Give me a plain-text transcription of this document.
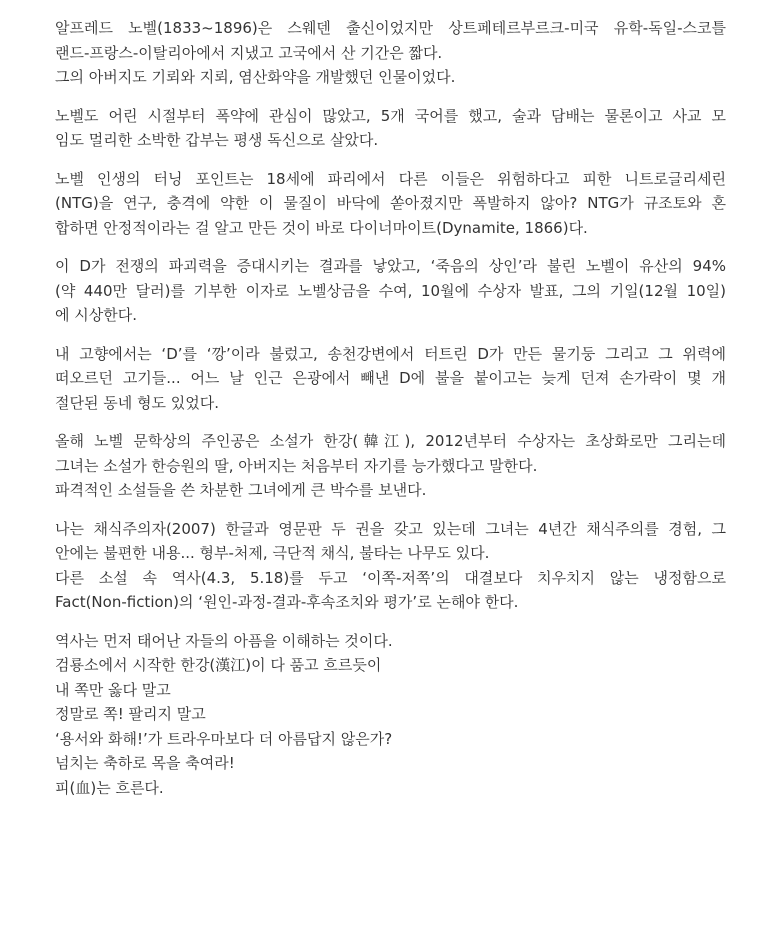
알프레드 노벨(1833~1896)은 스웨덴 출신이었지만 상트페테르부르크-미국 유학-독일-스코틀
랜드-프랑스-이탈리아에서 지냈고 고국에서 산 기간은 짧다.
그의 아버지도 기뢰와 지뢰, 염산화약을 개발했던 인물이었다.
노벨도 어린 시절부터 폭약에 관심이 많았고, 5개 국어를 했고, 술과 담배는 물론이고 사교 모
임도 멀리한 소박한 갑부는 평생 독신으로 살았다.
노벨 인생의 터닝 포인트는 18세에 파리에서 다른 이들은 위험하다고 피한 니트로글리세린
(NTG)을 연구, 충격에 약한 이 물질이 바닥에 쏟아졌지만 폭발하지 않아? NTG가 규조토와 혼
합하면 안정적이라는 걸 알고 만든 것이 바로 다이너마이트(Dynamite, 1866)다.
이 D가 전쟁의 파괴력을 증대시키는 결과를 낳았고, ‘죽음의 상인’라 불린 노벨이 유산의 94%
(약 440만 달러)를 기부한 이자로 노벨상금을 수여, 10월에 수상자 발표, 그의 기일(12월 10일)
에 시상한다.
내 고향에서는 ‘D’를 ‘깡’이라 불렀고, 송천강변에서 터트린 D가 만든 물기둥 그리고 그 위력에
떠오르던 고기들... 어느 날 인근 은광에서 빼낸 D에 불을 붙이고는 늦게 던져 손가락이 몇 개
절단된 동네 형도 있었다.
올해 노벨 문학상의 주인공은 소설가 한강(韓江), 2012년부터 수상자는 초상화로만 그리는데
그녀는 소설가 한승원의 딸, 아버지는 처음부터 자기를 능가했다고 말한다.
파격적인 소설들을 쓴 차분한 그녀에게 큰 박수를 보낸다.
나는 채식주의자(2007) 한글과 영문판 두 권을 갖고 있는데 그녀는 4년간 채식주의를 경험, 그
안에는 불편한 내용... 형부-처제, 극단적 채식, 불타는 나무도 있다.
다른 소설 속 역사(4.3, 5.18)를 두고 ‘이쪽-저쪽’의 대결보다 치우치지 않는 냉정함으로
Fact(Non-fiction)의 ‘원인-과정-결과-후속조치와 평가’로 논해야 한다.
역사는 먼저 태어난 자들의 아픔을 이해하는 것이다.
검룡소에서 시작한 한강(漢江)이 다 품고 흐르듯이
내 쪽만 옳다 말고
정말로 쪽! 팔리지 말고
‘용서와 화해!’가 트라우마보다 더 아름답지 않은가?
넘치는 축하로 목을 축여라!
피(血)는 흐른다.
